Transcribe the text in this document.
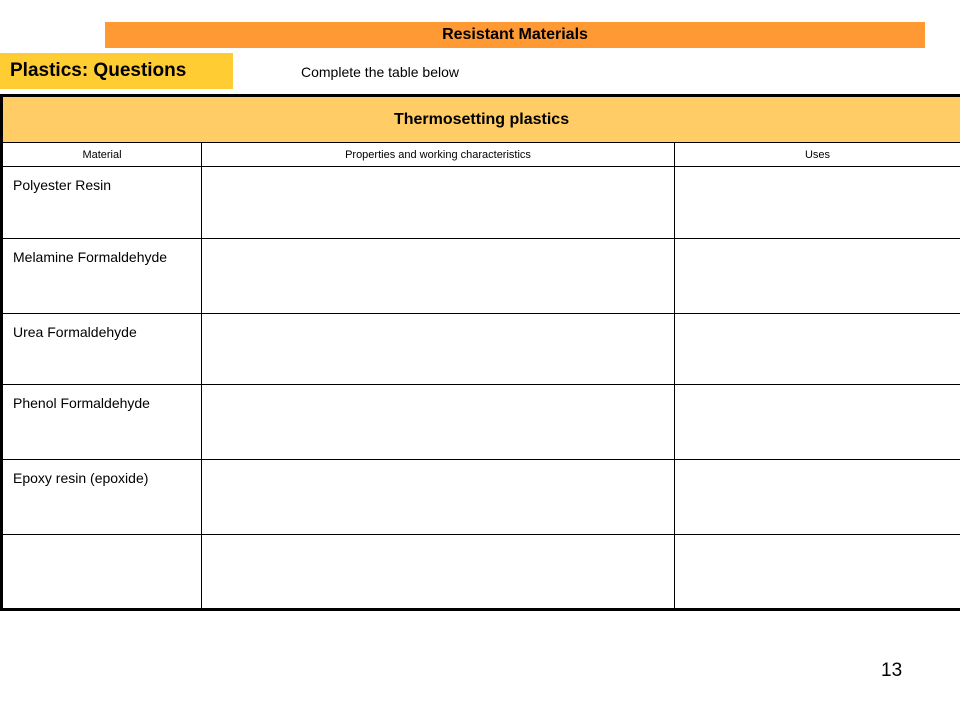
Resistant Materials
Plastics: Questions	Complete the table below
Thermosetting plastics		
Material	Properties and working characteristics	Uses
Polyester Resin		
Melamine Formaldehyde		
Urea Formaldehyde		
Phenol Formaldehyde		
Epoxy resin (epoxide)		

13
